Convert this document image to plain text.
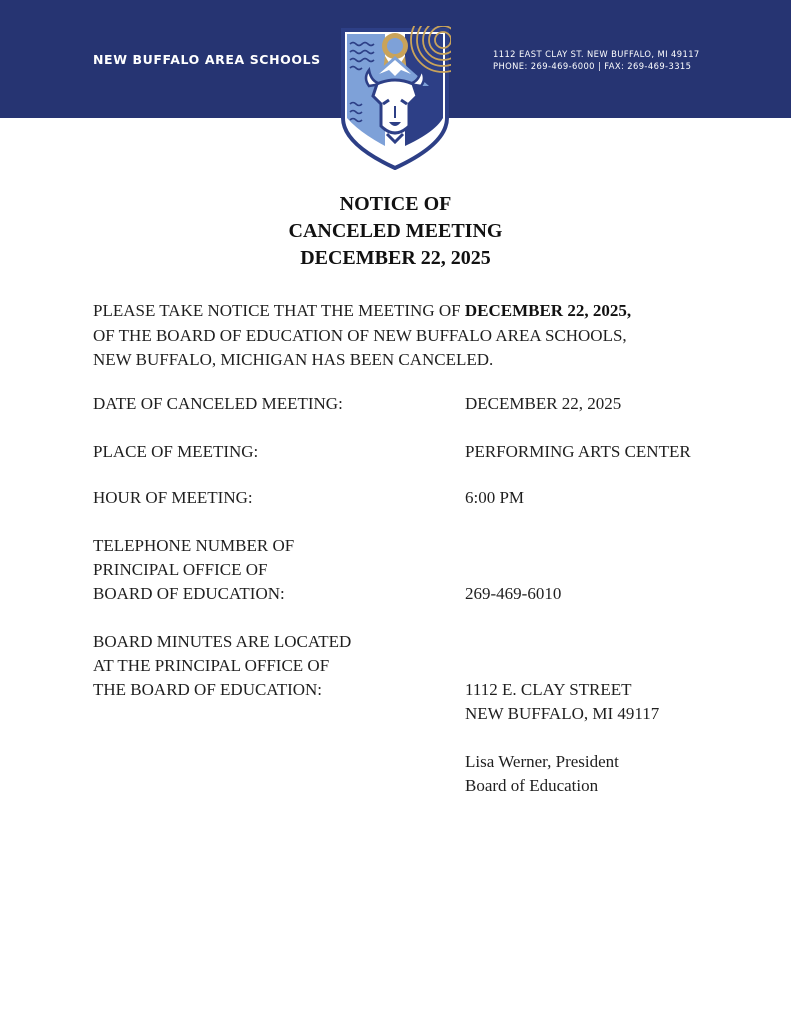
NEW BUFFALO AREA SCHOOLS	1112 EAST CLAY ST. NEW BUFFALO, MI 49117
PHONE: 269-469-6000 | FAX: 269-469-3315
NOTICE OF
CANCELED MEETING
DECEMBER 22, 2025
PLEASE TAKE NOTICE THAT THE MEETING OF DECEMBER 22, 2025,
OF THE BOARD OF EDUCATION OF NEW BUFFALO AREA SCHOOLS,
NEW BUFFALO, MICHIGAN HAS BEEN CANCELED.
DATE OF CANCELED MEETING:	DECEMBER 22, 2025
PLACE OF MEETING:	PERFORMING ARTS CENTER
HOUR OF MEETING:	6:00 PM
TELEPHONE NUMBER OF
PRINCIPAL OFFICE OF
BOARD OF EDUCATION:	269-469-6010
BOARD MINUTES ARE LOCATED
AT THE PRINCIPAL OFFICE OF
THE BOARD OF EDUCATION:	1112 E. CLAY STREET
NEW BUFFALO, MI 49117
Lisa Werner, President
Board of Education
